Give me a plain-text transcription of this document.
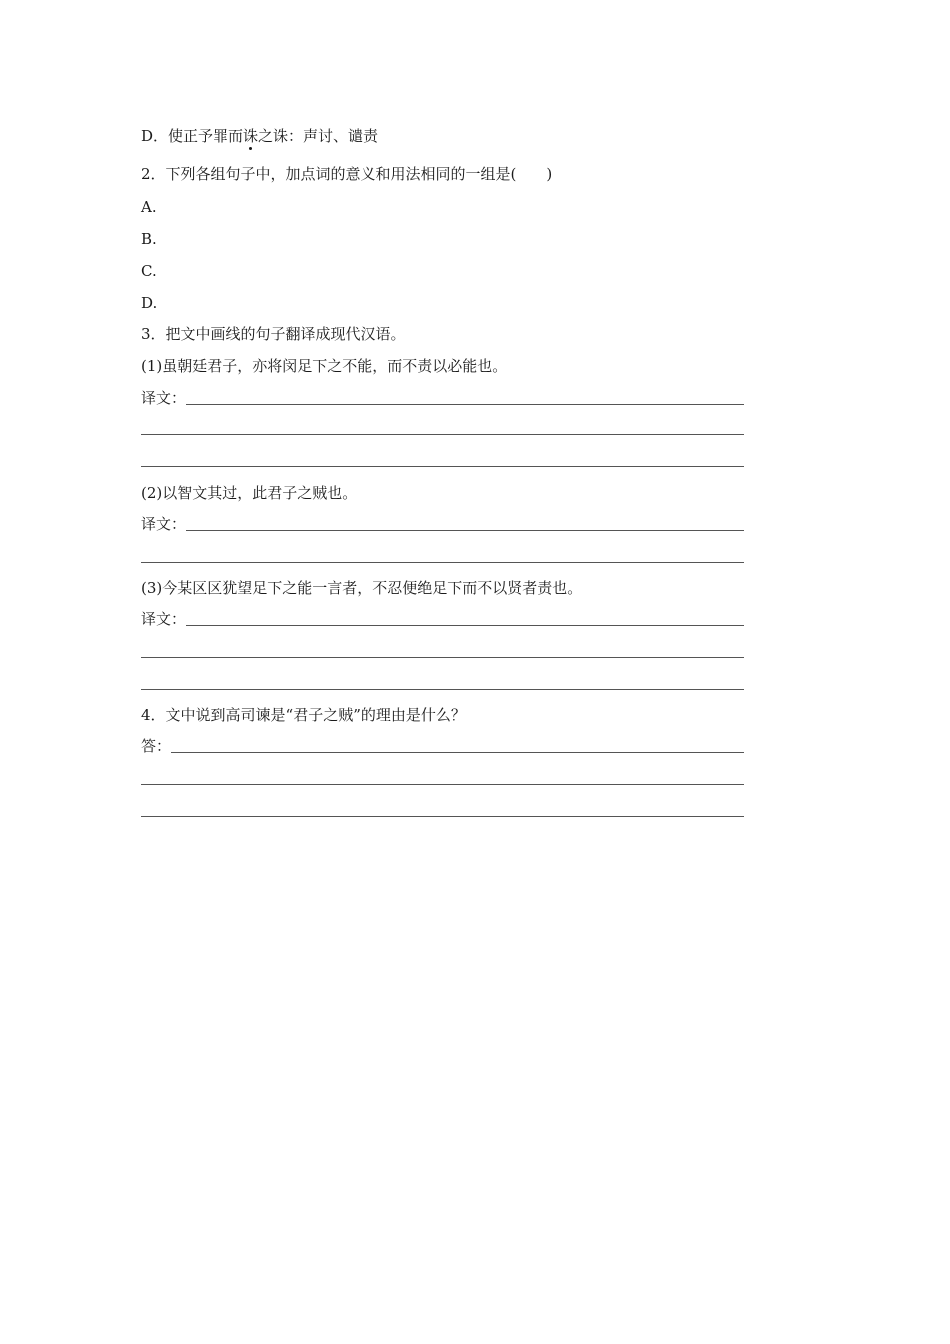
D．使正予罪而诛之诛：声讨、谴责
2．下列各组句子中，加点词的意义和用法相同的一组是(　　)
A.
B.
C.
D.
3．把文中画线的句子翻译成现代汉语。
(1)虽朝廷君子，亦将闵足下之不能，而不责以必能也。
译文：
(2)以智文其过，此君子之贼也。
译文：
(3)今某区区犹望足下之能一言者，不忍便绝足下而不以贤者责也。
译文：
4．文中说到高司谏是“君子之贼”的理由是什么？
答：
